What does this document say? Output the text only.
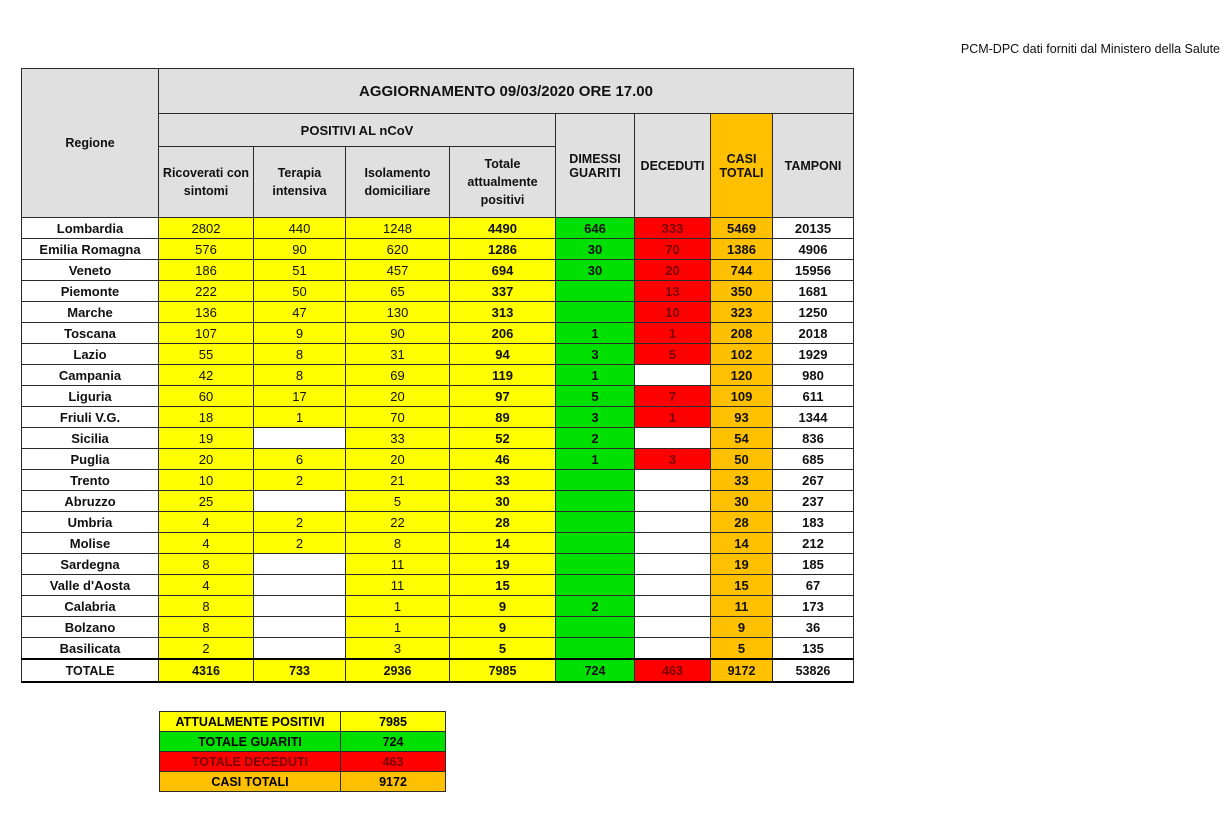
PCM-DPC dati forniti dal Ministero della Salute
Regione	AGGIORNAMENTO 09/03/2020 ORE 17.00							
	POSITIVI AL nCoV				DIMESSI GUARITI	DECEDUTI	CASI TOTALI	TAMPONI
	Ricoverati con sintomi	Terapia intensiva	Isolamento domiciliare	Totale attualmente positivi				
Lombardia	2802	440	1248	4490	646	333	5469	20135
Emilia Romagna	576	90	620	1286	30	70	1386	4906
Veneto	186	51	457	694	30	20	744	15956
Piemonte	222	50	65	337		13	350	1681
Marche	136	47	130	313		10	323	1250
Toscana	107	9	90	206	1	1	208	2018
Lazio	55	8	31	94	3	5	102	1929
Campania	42	8	69	119	1		120	980
Liguria	60	17	20	97	5	7	109	611
Friuli V.G.	18	1	70	89	3	1	93	1344
Sicilia	19		33	52	2		54	836
Puglia	20	6	20	46	1	3	50	685
Trento	10	2	21	33			33	267
Abruzzo	25		5	30			30	237
Umbria	4	2	22	28			28	183
Molise	4	2	8	14			14	212
Sardegna	8		11	19			19	185
Valle d'Aosta	4		11	15			15	67
Calabria	8		1	9	2		11	173
Bolzano	8		1	9			9	36
Basilicata	2		3	5			5	135
TOTALE	4316	733	2936	7985	724	463	9172	53826
ATTUALMENTE POSITIVI	7985
TOTALE GUARITI	724
TOTALE DECEDUTI	463
CASI TOTALI	9172
